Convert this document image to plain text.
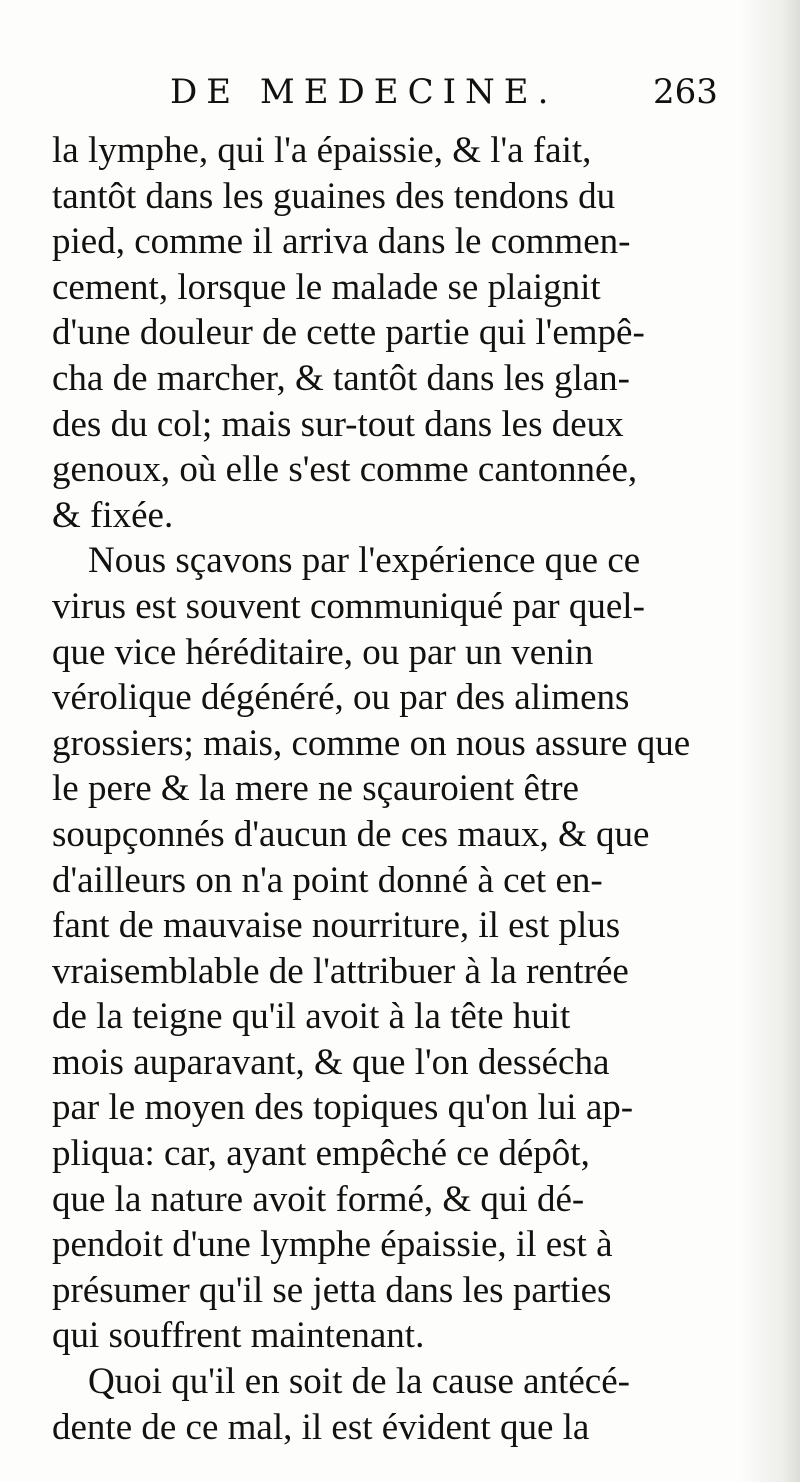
DE MEDECINE.	263
la lymphe, qui l'a épaissie, & l'a fait,
tantôt dans les guaines des tendons du
pied, comme il arriva dans le commen-
cement, lorsque le malade se plaignit
d'une douleur de cette partie qui l'empê-
cha de marcher, & tantôt dans les glan-
des du col; mais sur-tout dans les deux
genoux, où elle s'est comme cantonnée,
& fixée.
Nous sçavons par l'expérience que ce
virus est souvent communiqué par quel-
que vice héréditaire, ou par un venin
vérolique dégénéré, ou par des alimens
grossiers; mais, comme on nous assure que
le pere & la mere ne sçauroient être
soupçonnés d'aucun de ces maux, & que
d'ailleurs on n'a point donné à cet en-
fant de mauvaise nourriture, il est plus
vraisemblable de l'attribuer à la rentrée
de la teigne qu'il avoit à la tête huit
mois auparavant, & que l'on dessécha
par le moyen des topiques qu'on lui ap-
pliqua: car, ayant empêché ce dépôt,
que la nature avoit formé, & qui dé-
pendoit d'une lymphe épaissie, il est à
présumer qu'il se jetta dans les parties
qui souffrent maintenant.
Quoi qu'il en soit de la cause antécé-
dente de ce mal, il est évident que la
